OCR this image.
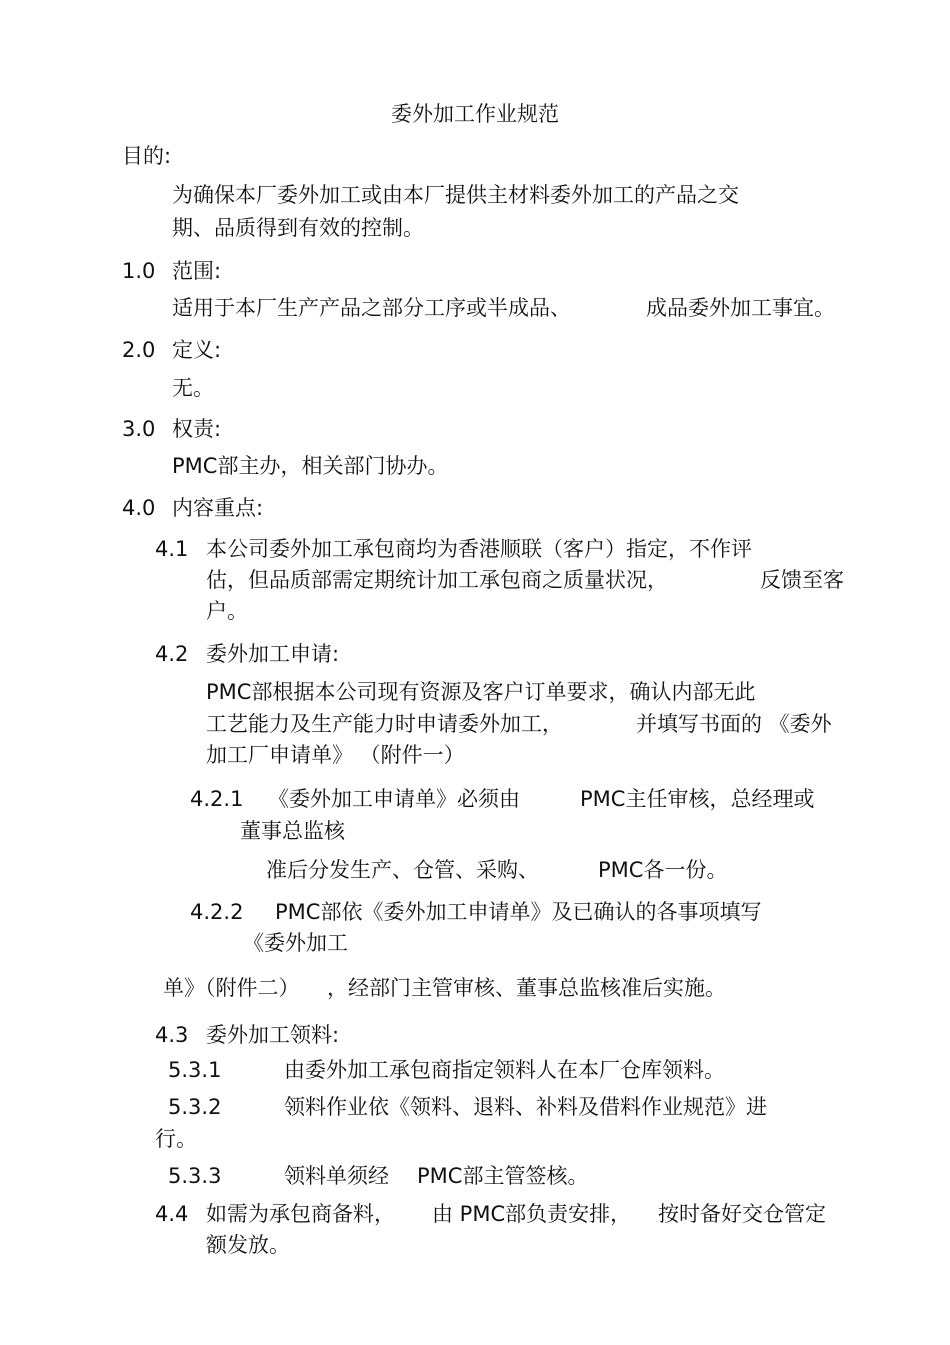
委外加工作业规范
目的:
为确保本厂委外加工或由本厂提供主材料委外加工的产品之交
期、品质得到有效的控制。
1.0 范围:
适用于本厂生产产品之部分工序或半成品、	成品委外加工事宜。
2.0 定义:
无。
3.0 权责:
PMC部主办，相关部门协办。
4.0 内容重点:
4.1 本公司委外加工承包商均为香港顺联（客户）指定，不作评
估，但品质部需定期统计加工承包商之质量状况，	反馈至客
户。
4.2 委外加工申请:
PMC部根据本公司现有资源及客户订单要求，确认内部无此
工艺能力及生产能力时申请委外加工，	并填写书面的 《委外
加工厂申请单》 （附件一）
4.2.1 《委外加工申请单》必须由	PMC主任审核，总经理或
董事总监核
准后分发生产、仓管、采购、	PMC各一份。
4.2.2 PMC部依《委外加工申请单》及已确认的各事项填写
《委外加工
单》（附件二） ，经部门主管审核、董事总监核准后实施。
4.3 委外加工领料:
5.3.1	由委外加工承包商指定领料人在本厂仓库领料。
5.3.2	领料作业依《领料、退料、补料及借料作业规范》进
行。
5.3.3	领料单须经 PMC部主管签核。
4.4 如需为承包商备料， 由 PMC部负责安排， 按时备好交仓管定
额发放。
